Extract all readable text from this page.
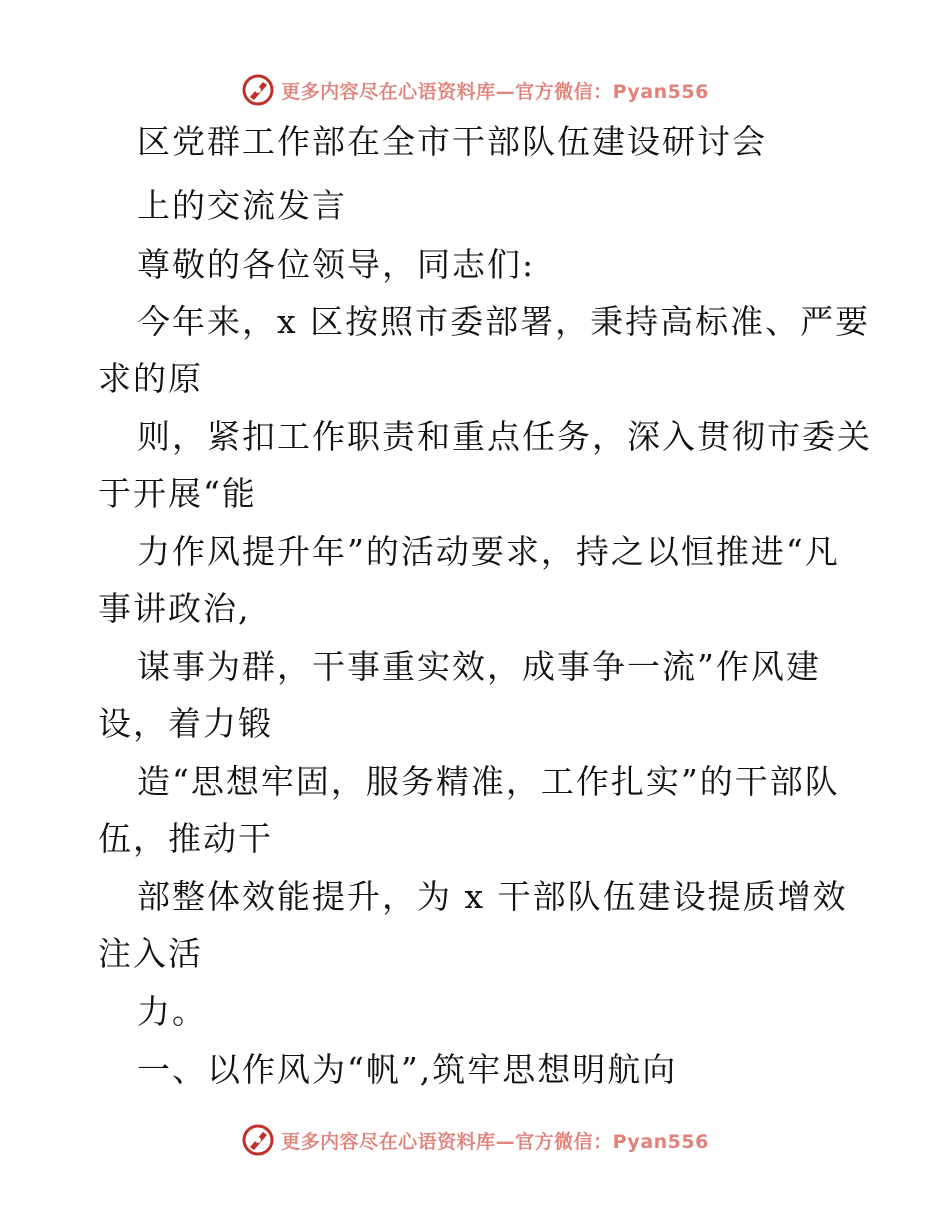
更多内容尽在心语资料库—官方微信：Pyan556
区党群工作部在全市干部队伍建设研讨会
上的交流发言
尊敬的各位领导，同志们:
今年来，x 区按照市委部署，秉持高标准、严要
求的原
则，紧扣工作职责和重点任务，深入贯彻市委关
于开展“能
力作风提升年”的活动要求，持之以恒推进“凡
事讲政治,
谋事为群，干事重实效，成事争一流”作风建
设，着力锻
造“思想牢固，服务精准，工作扎实”的干部队
伍，推动干
部整体效能提升，为 x 干部队伍建设提质增效
注入活
力。
一、以作风为“帆”,筑牢思想明航向
更多内容尽在心语资料库—官方微信：Pyan556
